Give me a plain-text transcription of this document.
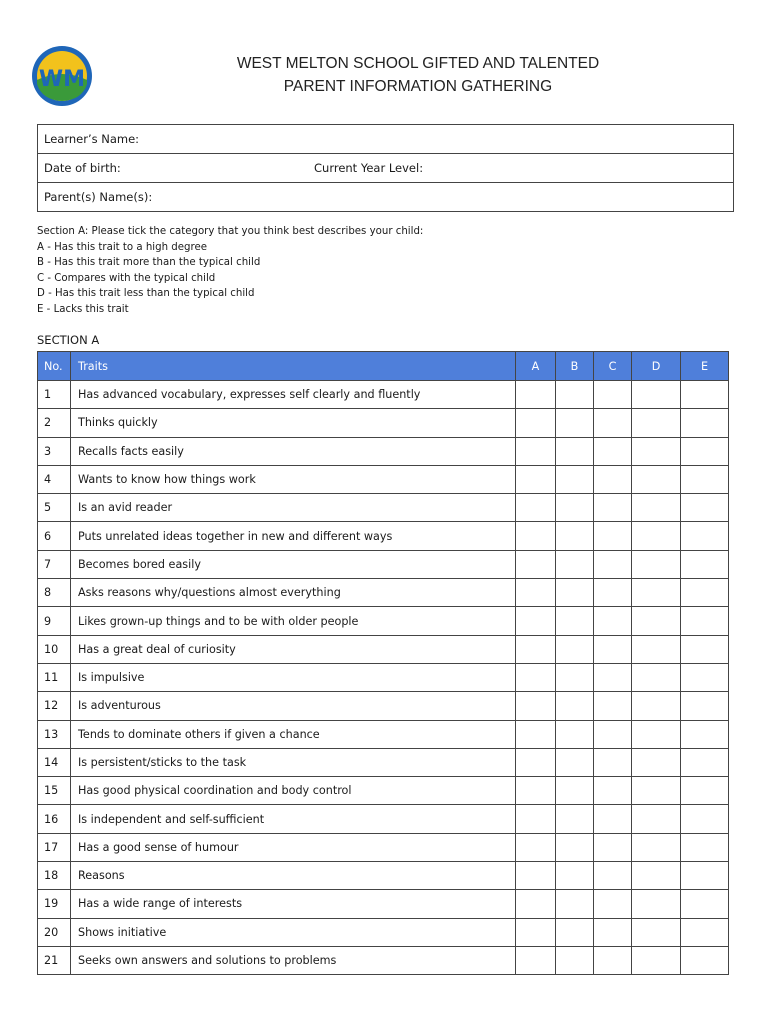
WM
WEST MELTON SCHOOL GIFTED AND TALENTED
PARENT INFORMATION GATHERING
Learner’s Name:

Date of birth:	Current Year Level:

Parent(s) Name(s):
Section A: Please tick the category that you think best describes your child:
A - Has this trait to a high degree
B - Has this trait more than the typical child
C - Compares with the typical child
D - Has this trait less than the typical child
E - Lacks this trait
SECTION A
No.	Traits	A	B	C	D	E
1	Has advanced vocabulary, expresses self clearly and fluently					
2	Thinks quickly					
3	Recalls facts easily					
4	Wants to know how things work					
5	Is an avid reader					
6	Puts unrelated ideas together in new and different ways					
7	Becomes bored easily					
8	Asks reasons why/questions almost everything					
9	Likes grown-up things and to be with older people					
10	Has a great deal of curiosity					
11	Is impulsive					
12	Is adventurous					
13	Tends to dominate others if given a chance					
14	Is persistent/sticks to the task					
15	Has good physical coordination and body control					
16	Is independent and self-sufficient					
17	Has a good sense of humour					
18	Reasons					
19	Has a wide range of interests					
20	Shows initiative					
21	Seeks own answers and solutions to problems					
